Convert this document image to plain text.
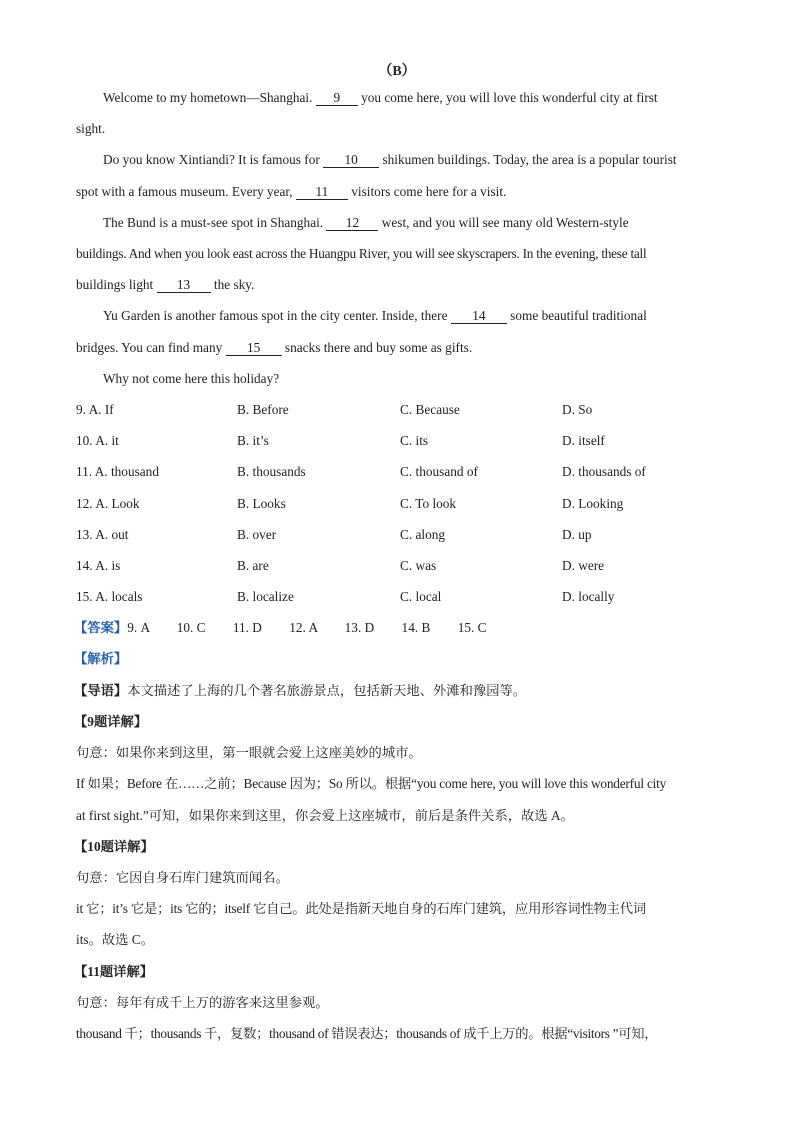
（B）
Welcome to my hometown—Shanghai. 9 you come here, you will love this wonderful city at first
sight.
Do you know Xintiandi? It is famous for 10 shikumen buildings. Today, the area is a popular tourist
spot with a famous museum. Every year, 11 visitors come here for a visit.
The Bund is a must-see spot in Shanghai. 12 west, and you will see many old Western-style
buildings. And when you look east across the Huangpu River, you will see skyscrapers. In the evening, these tall
buildings light 13 the sky.
Yu Garden is another famous spot in the city center. Inside, there 14 some beautiful traditional
bridges. You can find many 15 snacks there and buy some as gifts.
Why not come here this holiday?
9. A. If	B. Before	C. Because	D. So
10. A. it	B. it’s	C. its	D. itself
11. A. thousand	B. thousands	C. thousand of	D. thousands of
12. A. Look	B. Looks	C. To look	D. Looking
13. A. out	B. over	C. along	D. up
14. A. is	B. are	C. was	D. were
15. A. locals	B. localize	C. local	D. locally
【答案】9. A 10. C 11. D 12. A 13. D 14. B 15. C
【解析】
【导语】本文描述了上海的几个著名旅游景点，包括新天地、外滩和豫园等。
【9题详解】
句意：如果你来到这里，第一眼就会爱上这座美妙的城市。
If 如果；Before 在……之前；Because 因为；So 所以。根据“you come here, you will love this wonderful city
at first sight.”可知，如果你来到这里，你会爱上这座城市，前后是条件关系，故选 A。
【10题详解】
句意：它因自身石库门建筑而闻名。
it 它；it’s 它是；its 它的；itself 它自己。此处是指新天地自身的石库门建筑，应用形容词性物主代词
its。故选 C。
【11题详解】
句意：每年有成千上万的游客来这里参观。
thousand 千；thousands 千，复数；thousand of 错误表达；thousands of 成千上万的。根据“visitors ”可知，
